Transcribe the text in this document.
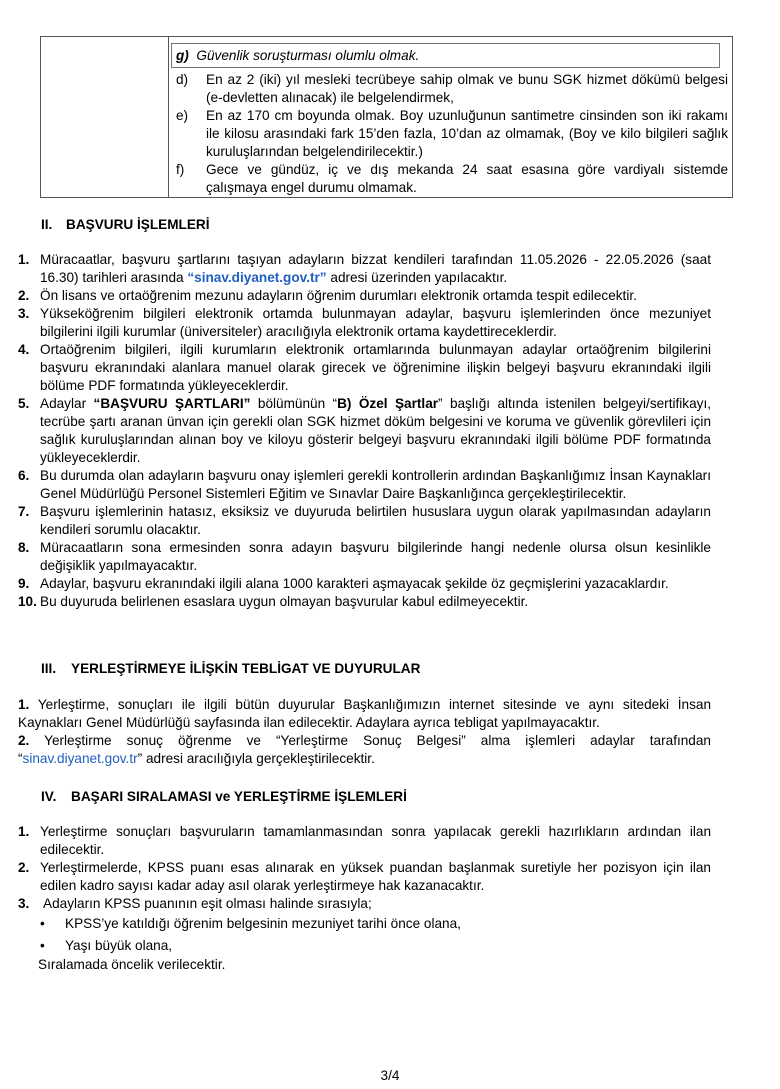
g) Güvenlik soruşturması olumlu olmak.
d)	En az 2 (iki) yıl mesleki tecrübeye sahip olmak ve bunu SGK hizmet dökümü belgesi (e-devletten alınacak) ile belgelendirmek,
e)	En az 170 cm boyunda olmak. Boy uzunluğunun santimetre cinsinden son iki rakamı ile kilosu arasındaki fark 15’den fazla, 10’dan az olmamak, (Boy ve kilo bilgileri sağlık kuruluşlarından belgelendirilecektir.)
f)	Gece ve gündüz, iç ve dış mekanda 24 saat esasına göre vardiyalı sistemde çalışmaya engel durumu olmamak.
II. BAŞVURU İŞLEMLERİ
1. Müracaatlar, başvuru şartlarını taşıyan adayların bizzat kendileri tarafından 11.05.2026 - 22.05.2026 (saat 16.30) tarihleri arasında “sinav.diyanet.gov.tr” adresi üzerinden yapılacaktır.
2. Ön lisans ve ortaöğrenim mezunu adayların öğrenim durumları elektronik ortamda tespit edilecektir.
3. Yükseköğrenim bilgileri elektronik ortamda bulunmayan adaylar, başvuru işlemlerinden önce mezuniyet bilgilerini ilgili kurumlar (üniversiteler) aracılığıyla elektronik ortama kaydettireceklerdir.
4. Ortaöğrenim bilgileri, ilgili kurumların elektronik ortamlarında bulunmayan adaylar ortaöğrenim bilgilerini başvuru ekranındaki alanlara manuel olarak girecek ve öğrenimine ilişkin belgeyi başvuru ekranındaki ilgili bölüme PDF formatında yükleyeceklerdir.
5. Adaylar “BAŞVURU ŞARTLARI” bölümünün “B) Özel Şartlar” başlığı altında istenilen belgeyi/sertifikayı, tecrübe şartı aranan ünvan için gerekli olan SGK hizmet döküm belgesini ve koruma ve güvenlik görevlileri için sağlık kuruluşlarından alınan boy ve kiloyu gösterir belgeyi başvuru ekranındaki ilgili bölüme PDF formatında yükleyeceklerdir.
6. Bu durumda olan adayların başvuru onay işlemleri gerekli kontrollerin ardından Başkanlığımız İnsan Kaynakları Genel Müdürlüğü Personel Sistemleri Eğitim ve Sınavlar Daire Başkanlığınca gerçekleştirilecektir.
7. Başvuru işlemlerinin hatasız, eksiksiz ve duyuruda belirtilen hususlara uygun olarak yapılmasından adayların kendileri sorumlu olacaktır.
8. Müracaatların sona ermesinden sonra adayın başvuru bilgilerinde hangi nedenle olursa olsun kesinlikle değişiklik yapılmayacaktır.
9. Adaylar, başvuru ekranındaki ilgili alana 1000 karakteri aşmayacak şekilde öz geçmişlerini yazacaklardır.
10. Bu duyuruda belirlenen esaslara uygun olmayan başvurular kabul edilmeyecektir.
III. YERLEŞTİRMEYE İLİŞKİN TEBLİGAT VE DUYURULAR
1. Yerleştirme, sonuçları ile ilgili bütün duyurular Başkanlığımızın internet sitesinde ve aynı sitedeki İnsan Kaynakları Genel Müdürlüğü sayfasında ilan edilecektir. Adaylara ayrıca tebligat yapılmayacaktır.
2. Yerleştirme sonuç öğrenme ve “Yerleştirme Sonuç Belgesi” alma işlemleri adaylar tarafından “sinav.diyanet.gov.tr” adresi aracılığıyla gerçekleştirilecektir.
IV. BAŞARI SIRALAMASI ve YERLEŞTİRME İŞLEMLERİ
1. Yerleştirme sonuçları başvuruların tamamlanmasından sonra yapılacak gerekli hazırlıkların ardından ilan edilecektir.
2. Yerleştirmelerde, KPSS puanı esas alınarak en yüksek puandan başlanmak suretiyle her pozisyon için ilan edilen kadro sayısı kadar aday asıl olarak yerleştirmeye hak kazanacaktır.
3. Adayların KPSS puanının eşit olması halinde sırasıyla;
• KPSS’ye katıldığı öğrenim belgesinin mezuniyet tarihi önce olana,
• Yaşı büyük olana,
Sıralamada öncelik verilecektir.
3/4
